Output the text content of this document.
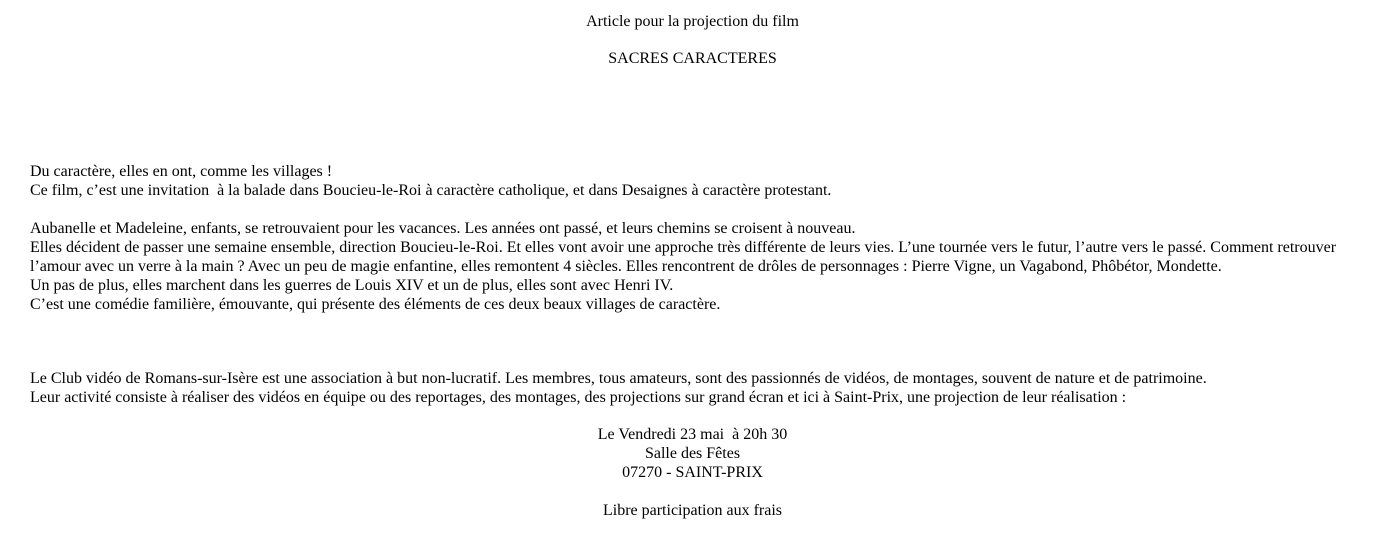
Article pour la projection du film
SACRES CARACTERES
Du caractère, elles en ont, comme les villages !
Ce film, c’est une invitation  à la balade dans Boucieu-le-Roi à caractère catholique, et dans Desaignes à caractère protestant.
Aubanelle et Madeleine, enfants, se retrouvaient pour les vacances. Les années ont passé, et leurs chemins se croisent à nouveau.
Elles décident de passer une semaine ensemble, direction Boucieu-le-Roi. Et elles vont avoir une approche très différente de leurs vies. L’une tournée vers le futur, l’autre vers le passé. Comment retrouver l’amour avec un verre à la main ? Avec un peu de magie enfantine, elles remontent 4 siècles. Elles rencontrent de drôles de personnages : Pierre Vigne, un Vagabond, Phôbétor, Mondette.
Un pas de plus, elles marchent dans les guerres de Louis XIV et un de plus, elles sont avec Henri IV.
C’est une comédie familière, émouvante, qui présente des éléments de ces deux beaux villages de caractère.
Le Club vidéo de Romans-sur-Isère est une association à but non-lucratif. Les membres, tous amateurs, sont des passionnés de vidéos, de montages, souvent de nature et de patrimoine.
Leur activité consiste à réaliser des vidéos en équipe ou des reportages, des montages, des projections sur grand écran et ici à Saint-Prix, une projection de leur réalisation :
Le Vendredi 23 mai  à 20h 30
Salle des Fêtes
07270 - SAINT-PRIX
Libre participation aux frais
